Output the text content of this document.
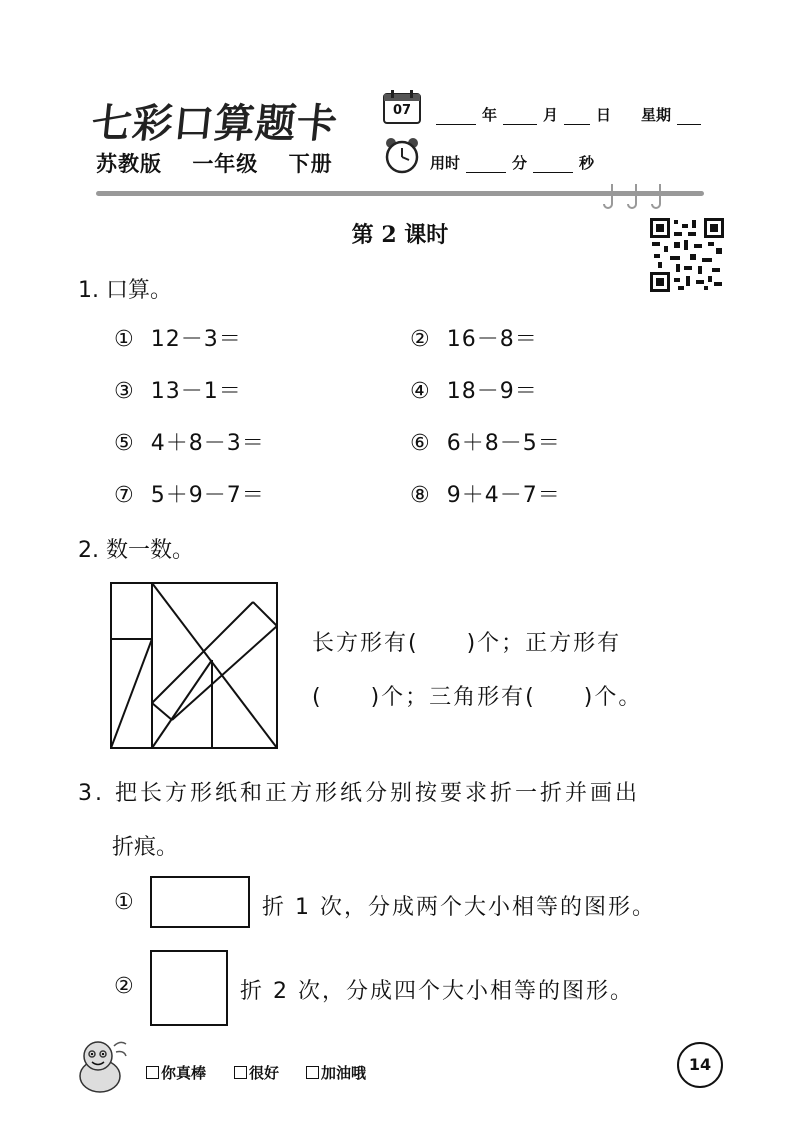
七彩口算题卡
苏教版 一年级 下册
07	年	月	日 星期
用时	分	秒
第 2 课时
1. 口算。
① 12－3＝	② 16－8＝
③ 13－1＝	④ 18－9＝
⑤ 4＋8－3＝	⑥ 6＋8－5＝
⑦ 5＋9－7＝	⑧ 9＋4－7＝
2. 数一数。
长方形有(　　)个；正方形有
(　　)个；三角形有(　　)个。
3. 把长方形纸和正方形纸分别按要求折一折并画出
折痕。
①	折 1 次，分成两个大小相等的图形。
②	折 2 次，分成四个大小相等的图形。
你真棒	很好	加油哦	14
